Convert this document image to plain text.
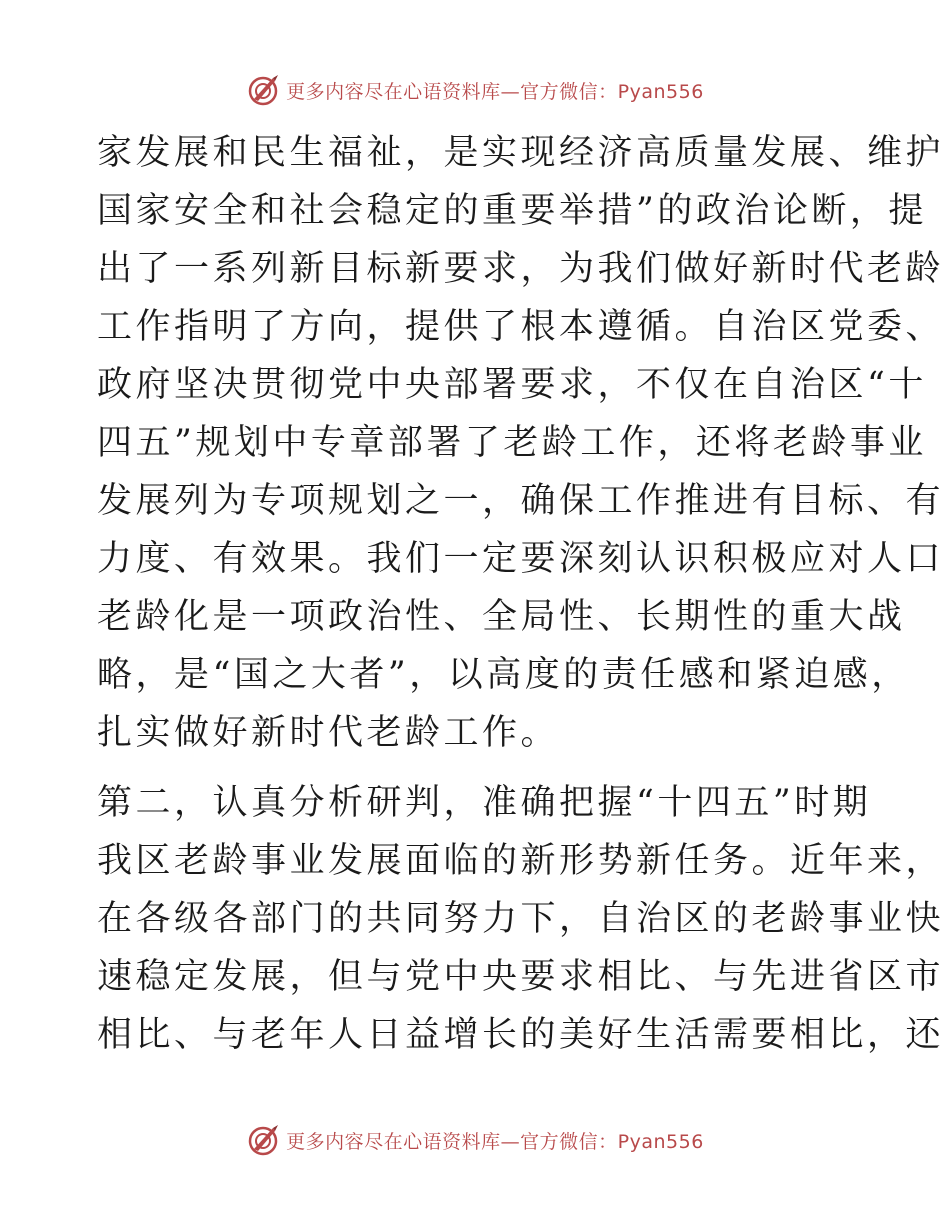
更多内容尽在心语资料库—官方微信：Pyan556
家发展和民生福祉，是实现经济高质量发展、维护
国家安全和社会稳定的重要举措”的政治论断，提
出了一系列新目标新要求，为我们做好新时代老龄
工作指明了方向，提供了根本遵循。自治区党委、
政府坚决贯彻党中央部署要求，不仅在自治区“十
四五”规划中专章部署了老龄工作，还将老龄事业
发展列为专项规划之一，确保工作推进有目标、有
力度、有效果。我们一定要深刻认识积极应对人口
老龄化是一项政治性、全局性、长期性的重大战
略，是“国之大者”，以高度的责任感和紧迫感，
扎实做好新时代老龄工作。
第二，认真分析研判，准确把握“十四五”时期
我区老龄事业发展面临的新形势新任务。近年来，
在各级各部门的共同努力下，自治区的老龄事业快
速稳定发展，但与党中央要求相比、与先进省区市
相比、与老年人日益增长的美好生活需要相比，还
更多内容尽在心语资料库—官方微信：Pyan556
